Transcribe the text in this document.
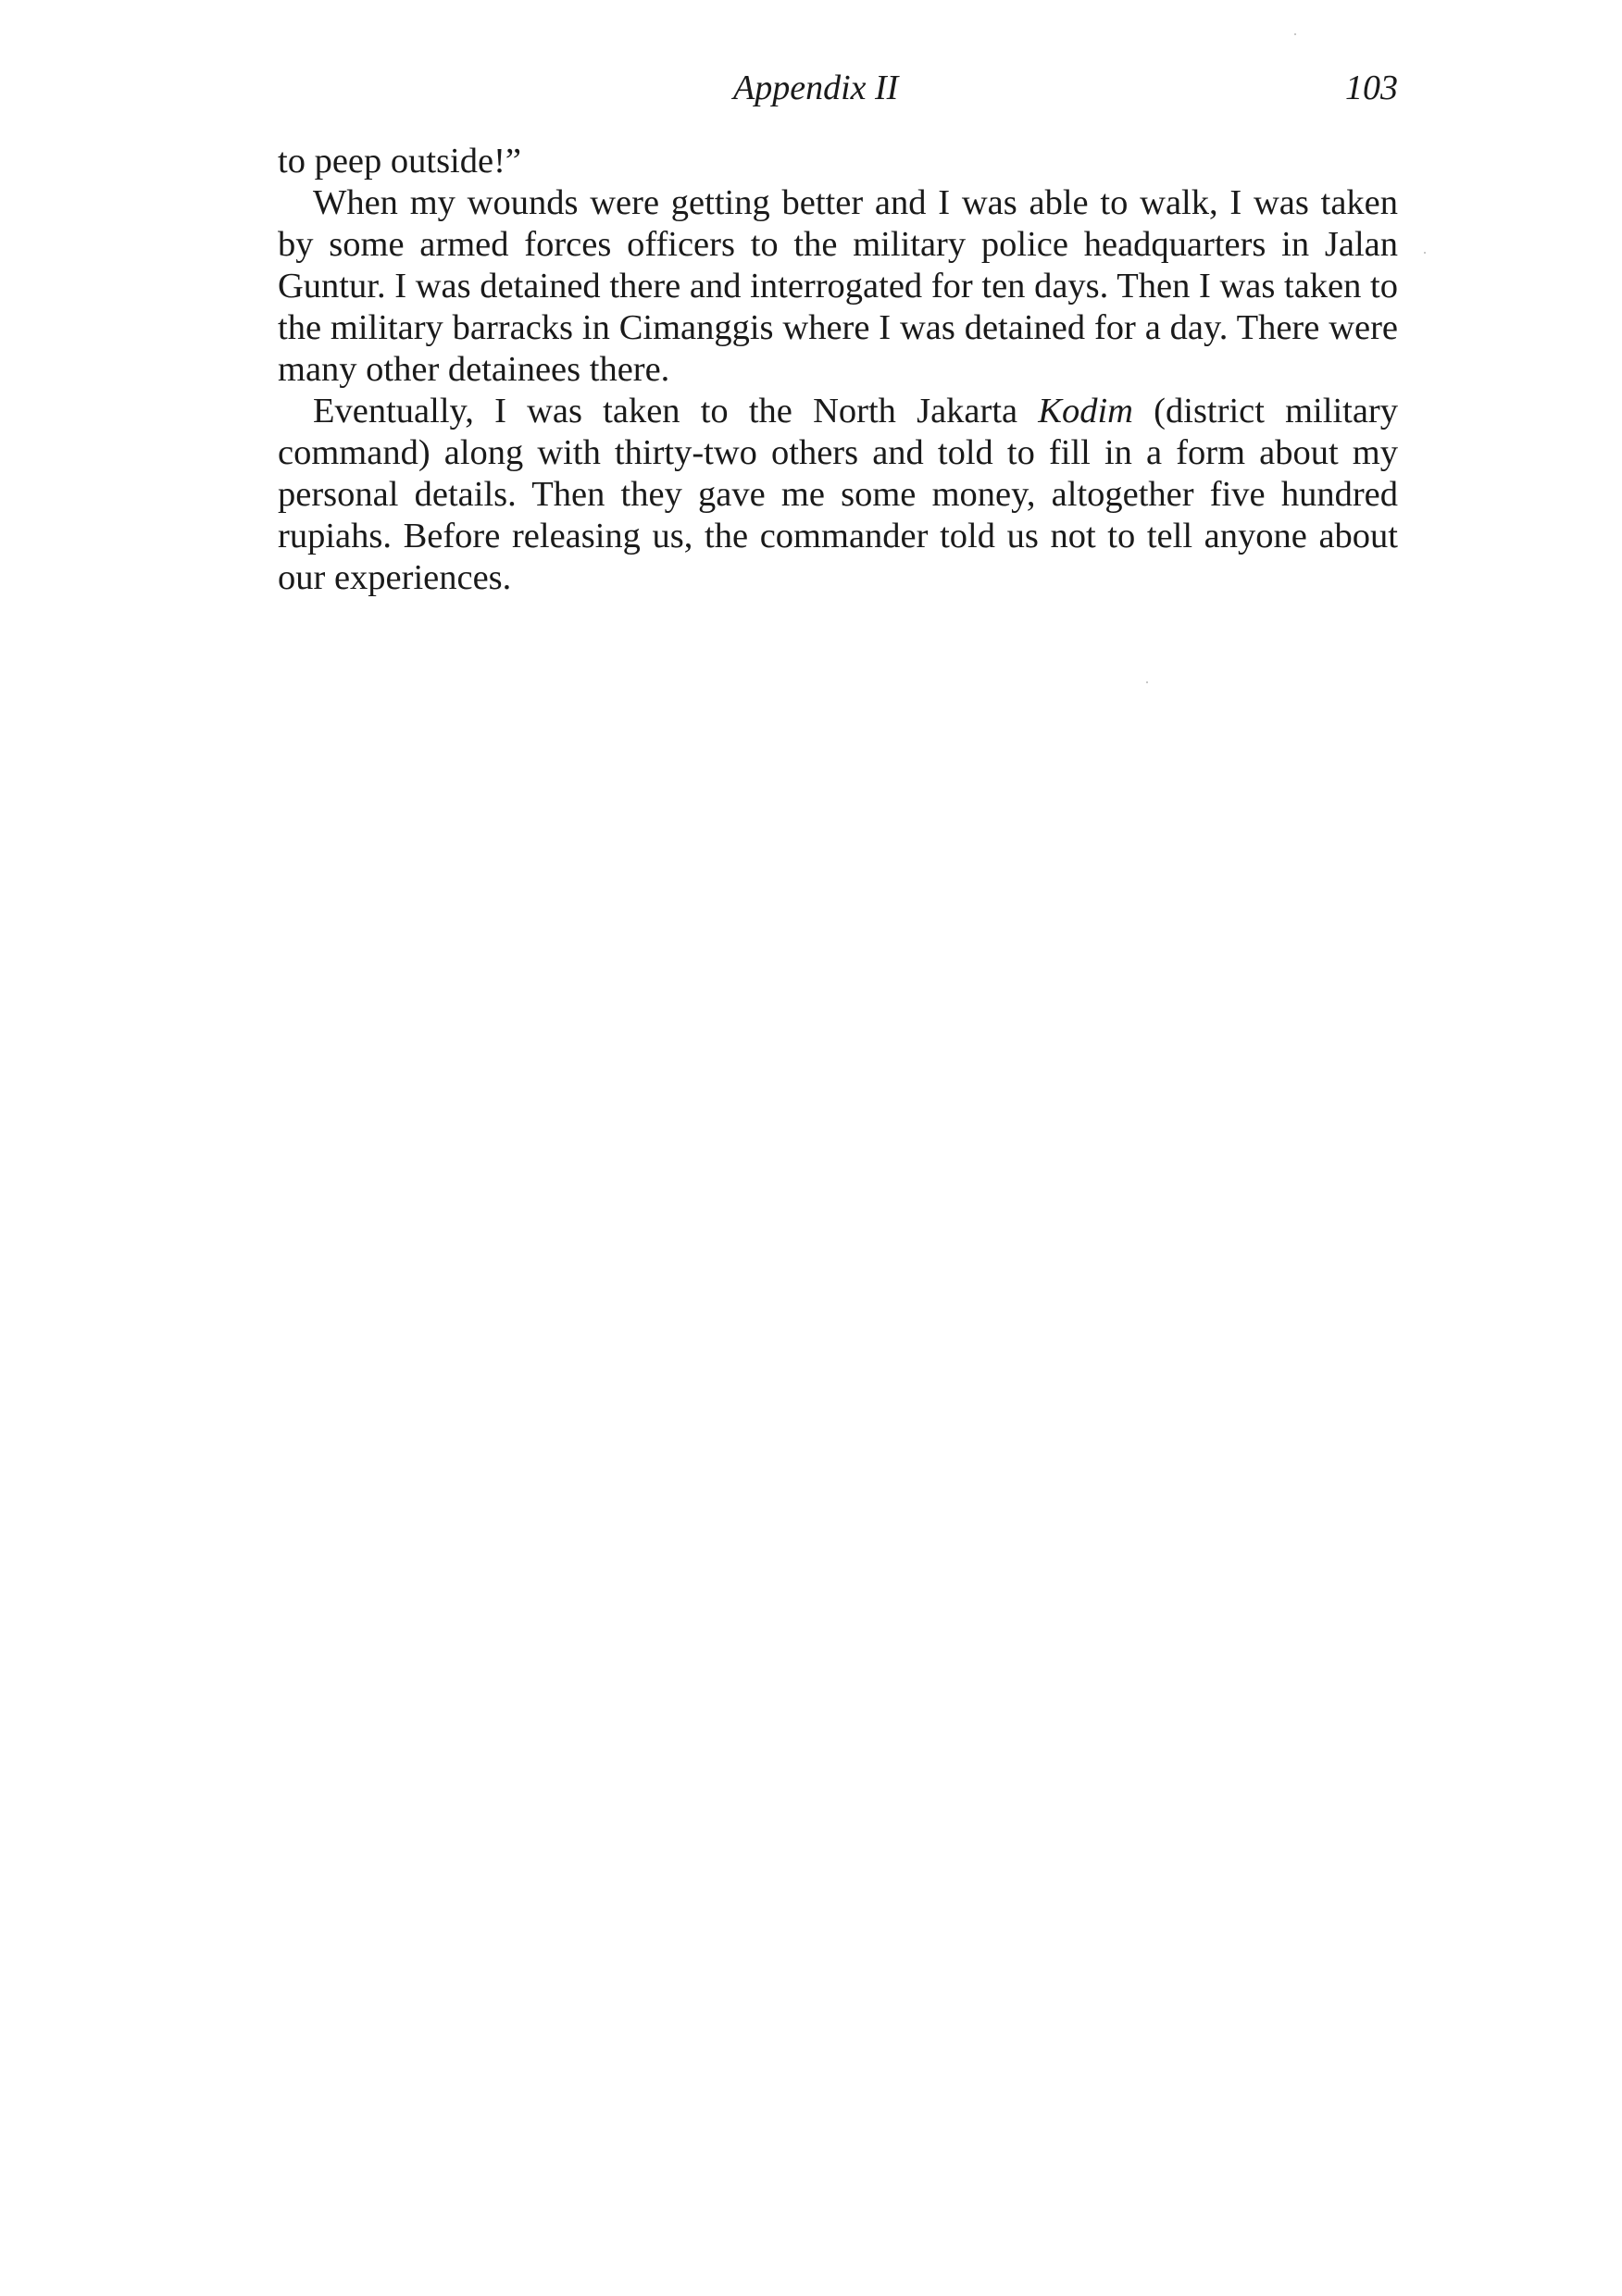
Appendix II	103

to peep outside!”

When my wounds were getting better and I was able to walk, I was taken by some armed forces officers to the military police headquarters in Jalan Guntur. I was detained there and interrogated for ten days. Then I was taken to the military barracks in Cimanggis where I was detained for a day. There were many other detainees there.

Eventually, I was taken to the North Jakarta Kodim (district military command) along with thirty-two others and told to fill in a form about my personal details. Then they gave me some money, altogether five hundred rupiahs. Before releasing us, the commander told us not to tell anyone about our experiences.
